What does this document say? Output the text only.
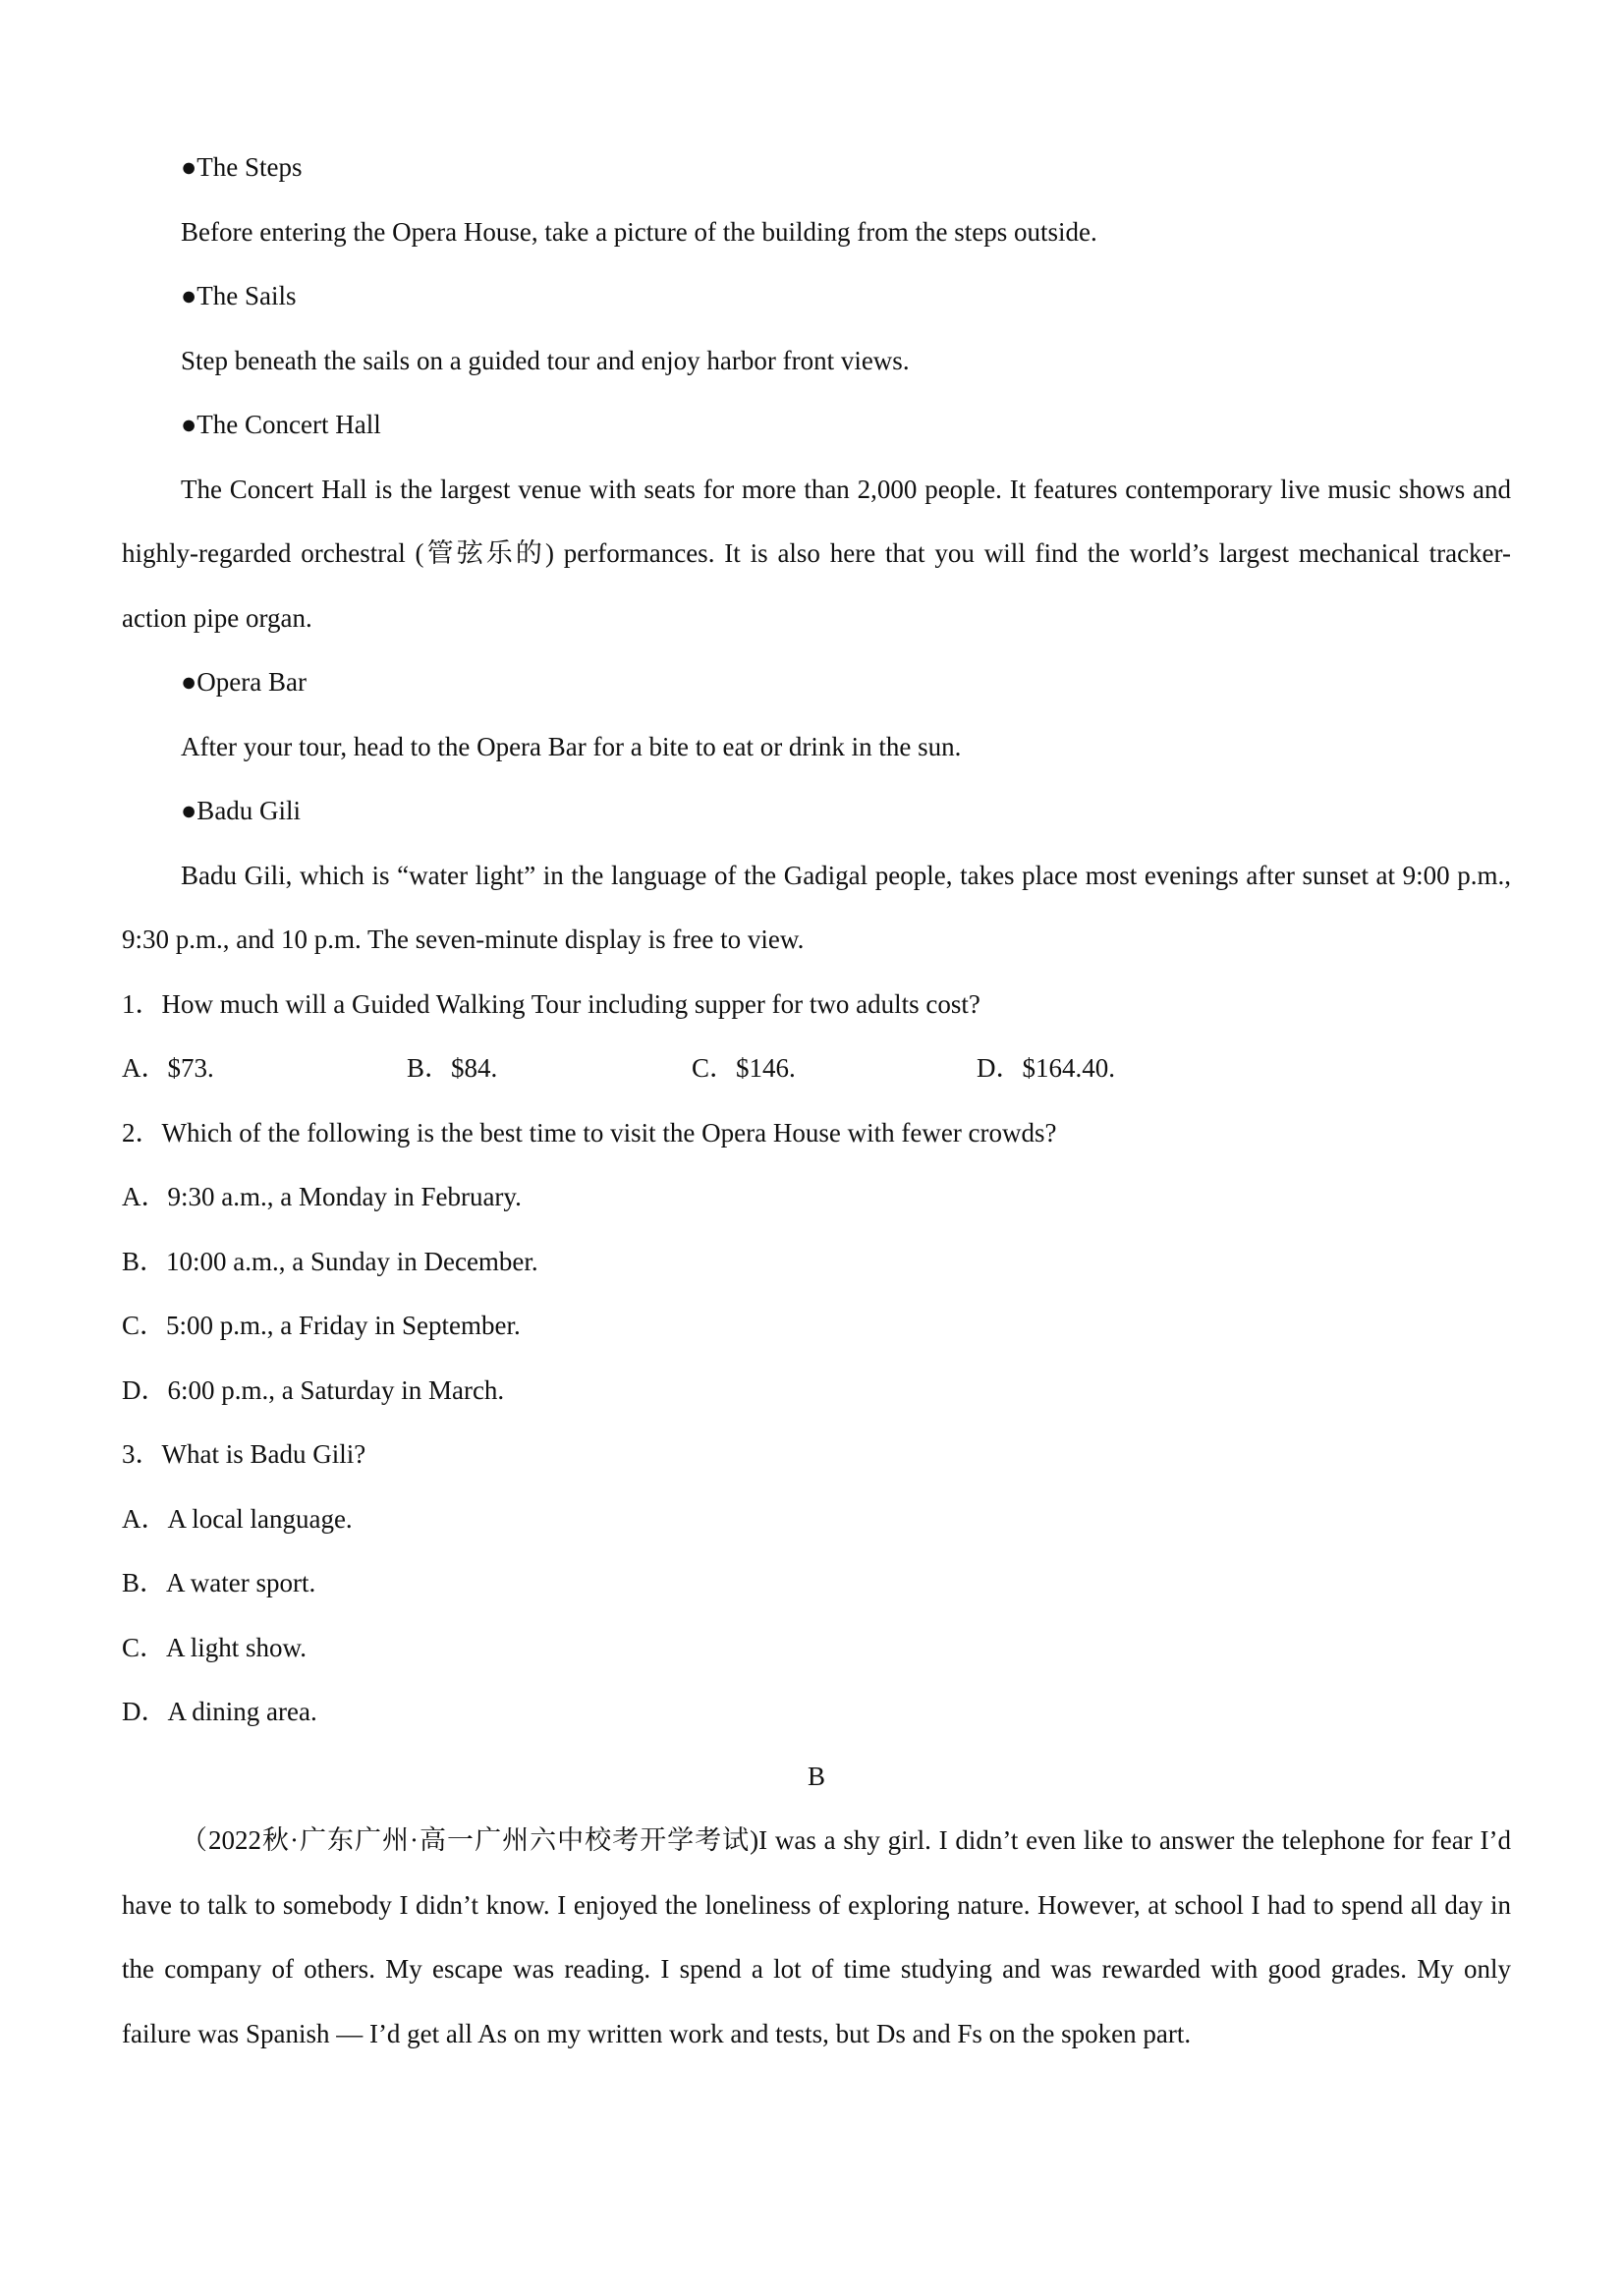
●The Steps

Before entering the Opera House, take a picture of the building from the steps outside.

●The Sails

Step beneath the sails on a guided tour and enjoy harbor front views.

●The Concert Hall

The Concert Hall is the largest venue with seats for more than 2,000 people. It features contemporary live music shows and highly-regarded orchestral (管弦乐的) performances. It is also here that you will find the world’s largest mechanical tracker-action pipe organ.

●Opera Bar

After your tour, head to the Opera Bar for a bite to eat or drink in the sun.

●Badu Gili

Badu Gili, which is “water light” in the language of the Gadigal people, takes place most evenings after sunset at 9:00 p.m., 9:30 p.m., and 10 p.m. The seven-minute display is free to view.

1．How much will a Guided Walking Tour including supper for two adults cost?

A．$73.	B．$84.	C．$146.	D．$164.40.

2．Which of the following is the best time to visit the Opera House with fewer crowds?

A．9:30 a.m., a Monday in February.

B．10:00 a.m., a Sunday in December.

C．5:00 p.m., a Friday in September.

D．6:00 p.m., a Saturday in March.

3．What is Badu Gili?

A．A local language.

B．A water sport.

C．A light show.

D．A dining area.

B

（2022秋·广东广州·高一广州六中校考开学考试)I was a shy girl. I didn’t even like to answer the telephone for fear I’d have to talk to somebody I didn’t know. I enjoyed the loneliness of exploring nature. However, at school I had to spend all day in the company of others. My escape was reading. I spend a lot of time studying and was rewarded with good grades. My only failure was Spanish — I’d get all As on my written work and tests, but Ds and Fs on the spoken part.
